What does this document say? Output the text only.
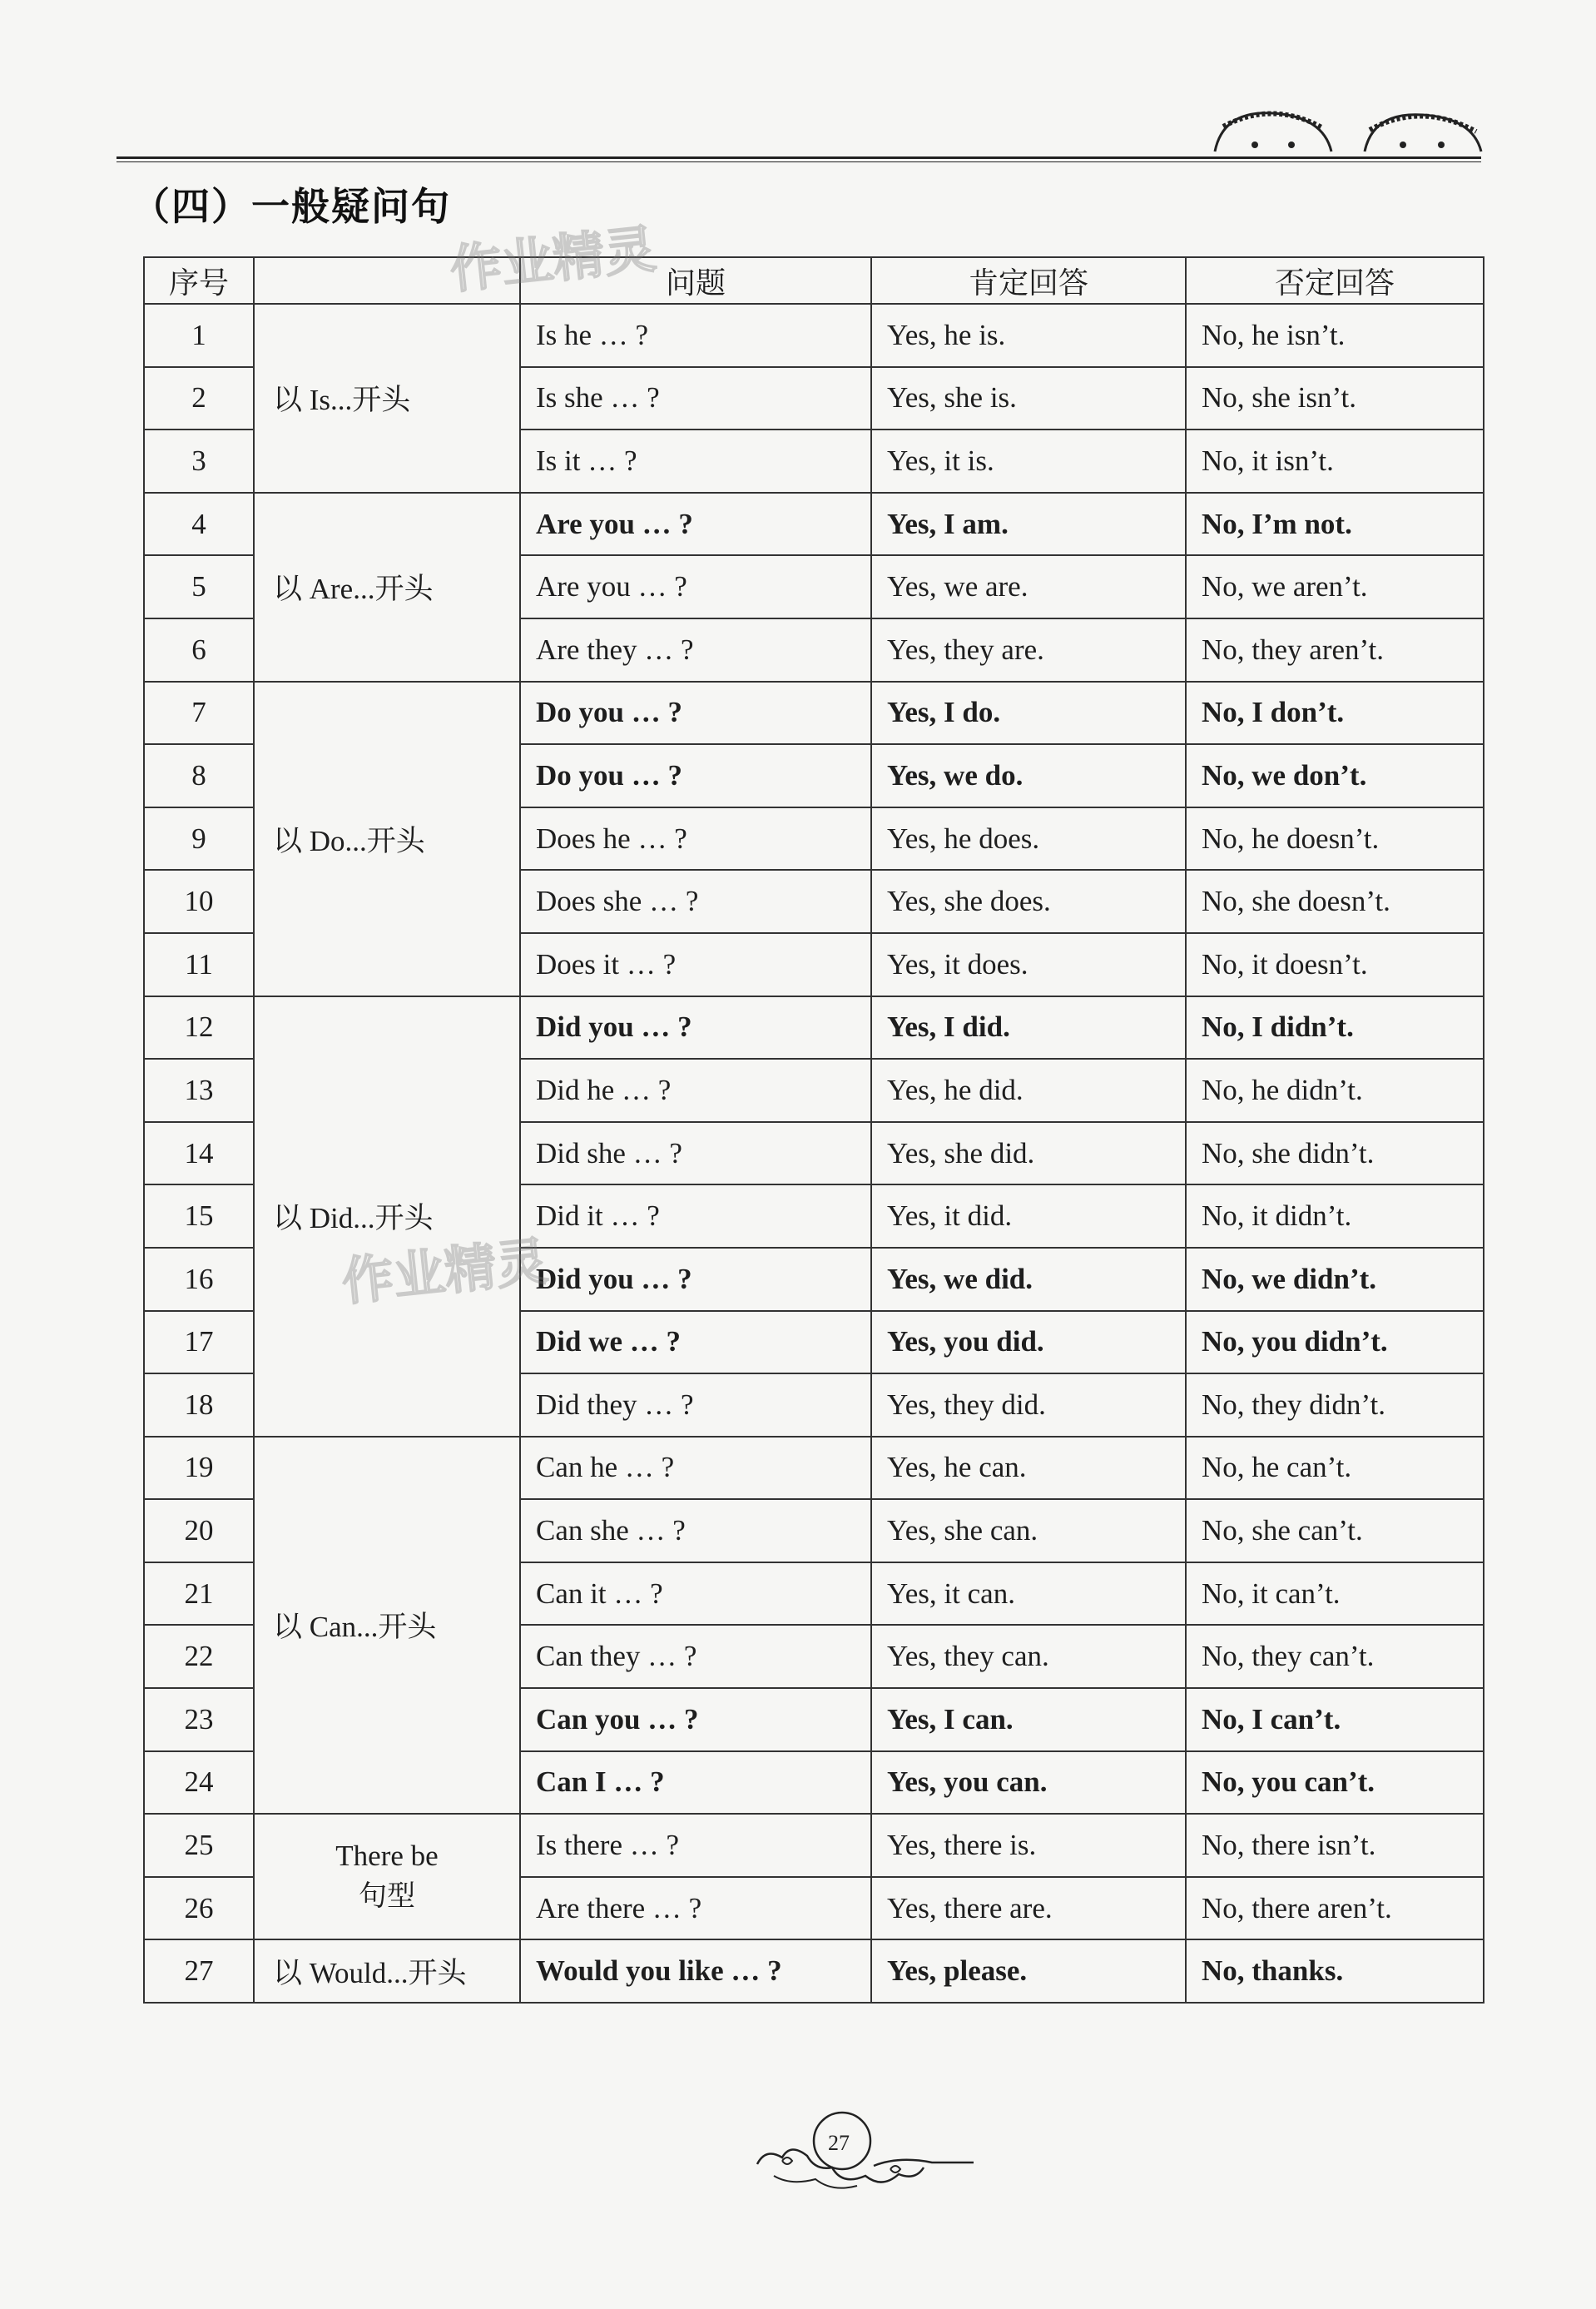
（四）一般疑问句
序号		问题	肯定回答	否定回答
1	以 Is...开头	Is he … ?	Yes, he is.	No, he isn’t.
2		Is she … ?	Yes, she is.	No, she isn’t.
3		Is it … ?	Yes, it is.	No, it isn’t.
4	以 Are...开头	Are you … ?	Yes, I am.	No, I’m not.
5		Are you … ?	Yes, we are.	No, we aren’t.
6		Are they … ?	Yes, they are.	No, they aren’t.
7	以 Do...开头	Do you … ?	Yes, I do.	No, I don’t.
8		Do you … ?	Yes, we do.	No, we don’t.
9		Does he … ?	Yes, he does.	No, he doesn’t.
10		Does she … ?	Yes, she does.	No, she doesn’t.
11		Does it … ?	Yes, it does.	No, it doesn’t.
12	以 Did...开头	Did you … ?	Yes, I did.	No, I didn’t.
13		Did he … ?	Yes, he did.	No, he didn’t.
14		Did she … ?	Yes, she did.	No, she didn’t.
15		Did it … ?	Yes, it did.	No, it didn’t.
16		Did you … ?	Yes, we did.	No, we didn’t.
17		Did we … ?	Yes, you did.	No, you didn’t.
18		Did they … ?	Yes, they did.	No, they didn’t.
19	以 Can...开头	Can he … ?	Yes, he can.	No, he can’t.
20		Can she … ?	Yes, she can.	No, she can’t.
21		Can it … ?	Yes, it can.	No, it can’t.
22		Can they … ?	Yes, they can.	No, they can’t.
23		Can you … ?	Yes, I can.	No, I can’t.
24		Can I … ?	Yes, you can.	No, you can’t.
25	There be
句型	Is there … ?	Yes, there is.	No, there isn’t.
26		Are there … ?	Yes, there are.	No, there aren’t.
27	以 Would...开头	Would you like … ?	Yes, please.	No, thanks.
作业精灵
作业精灵
27
